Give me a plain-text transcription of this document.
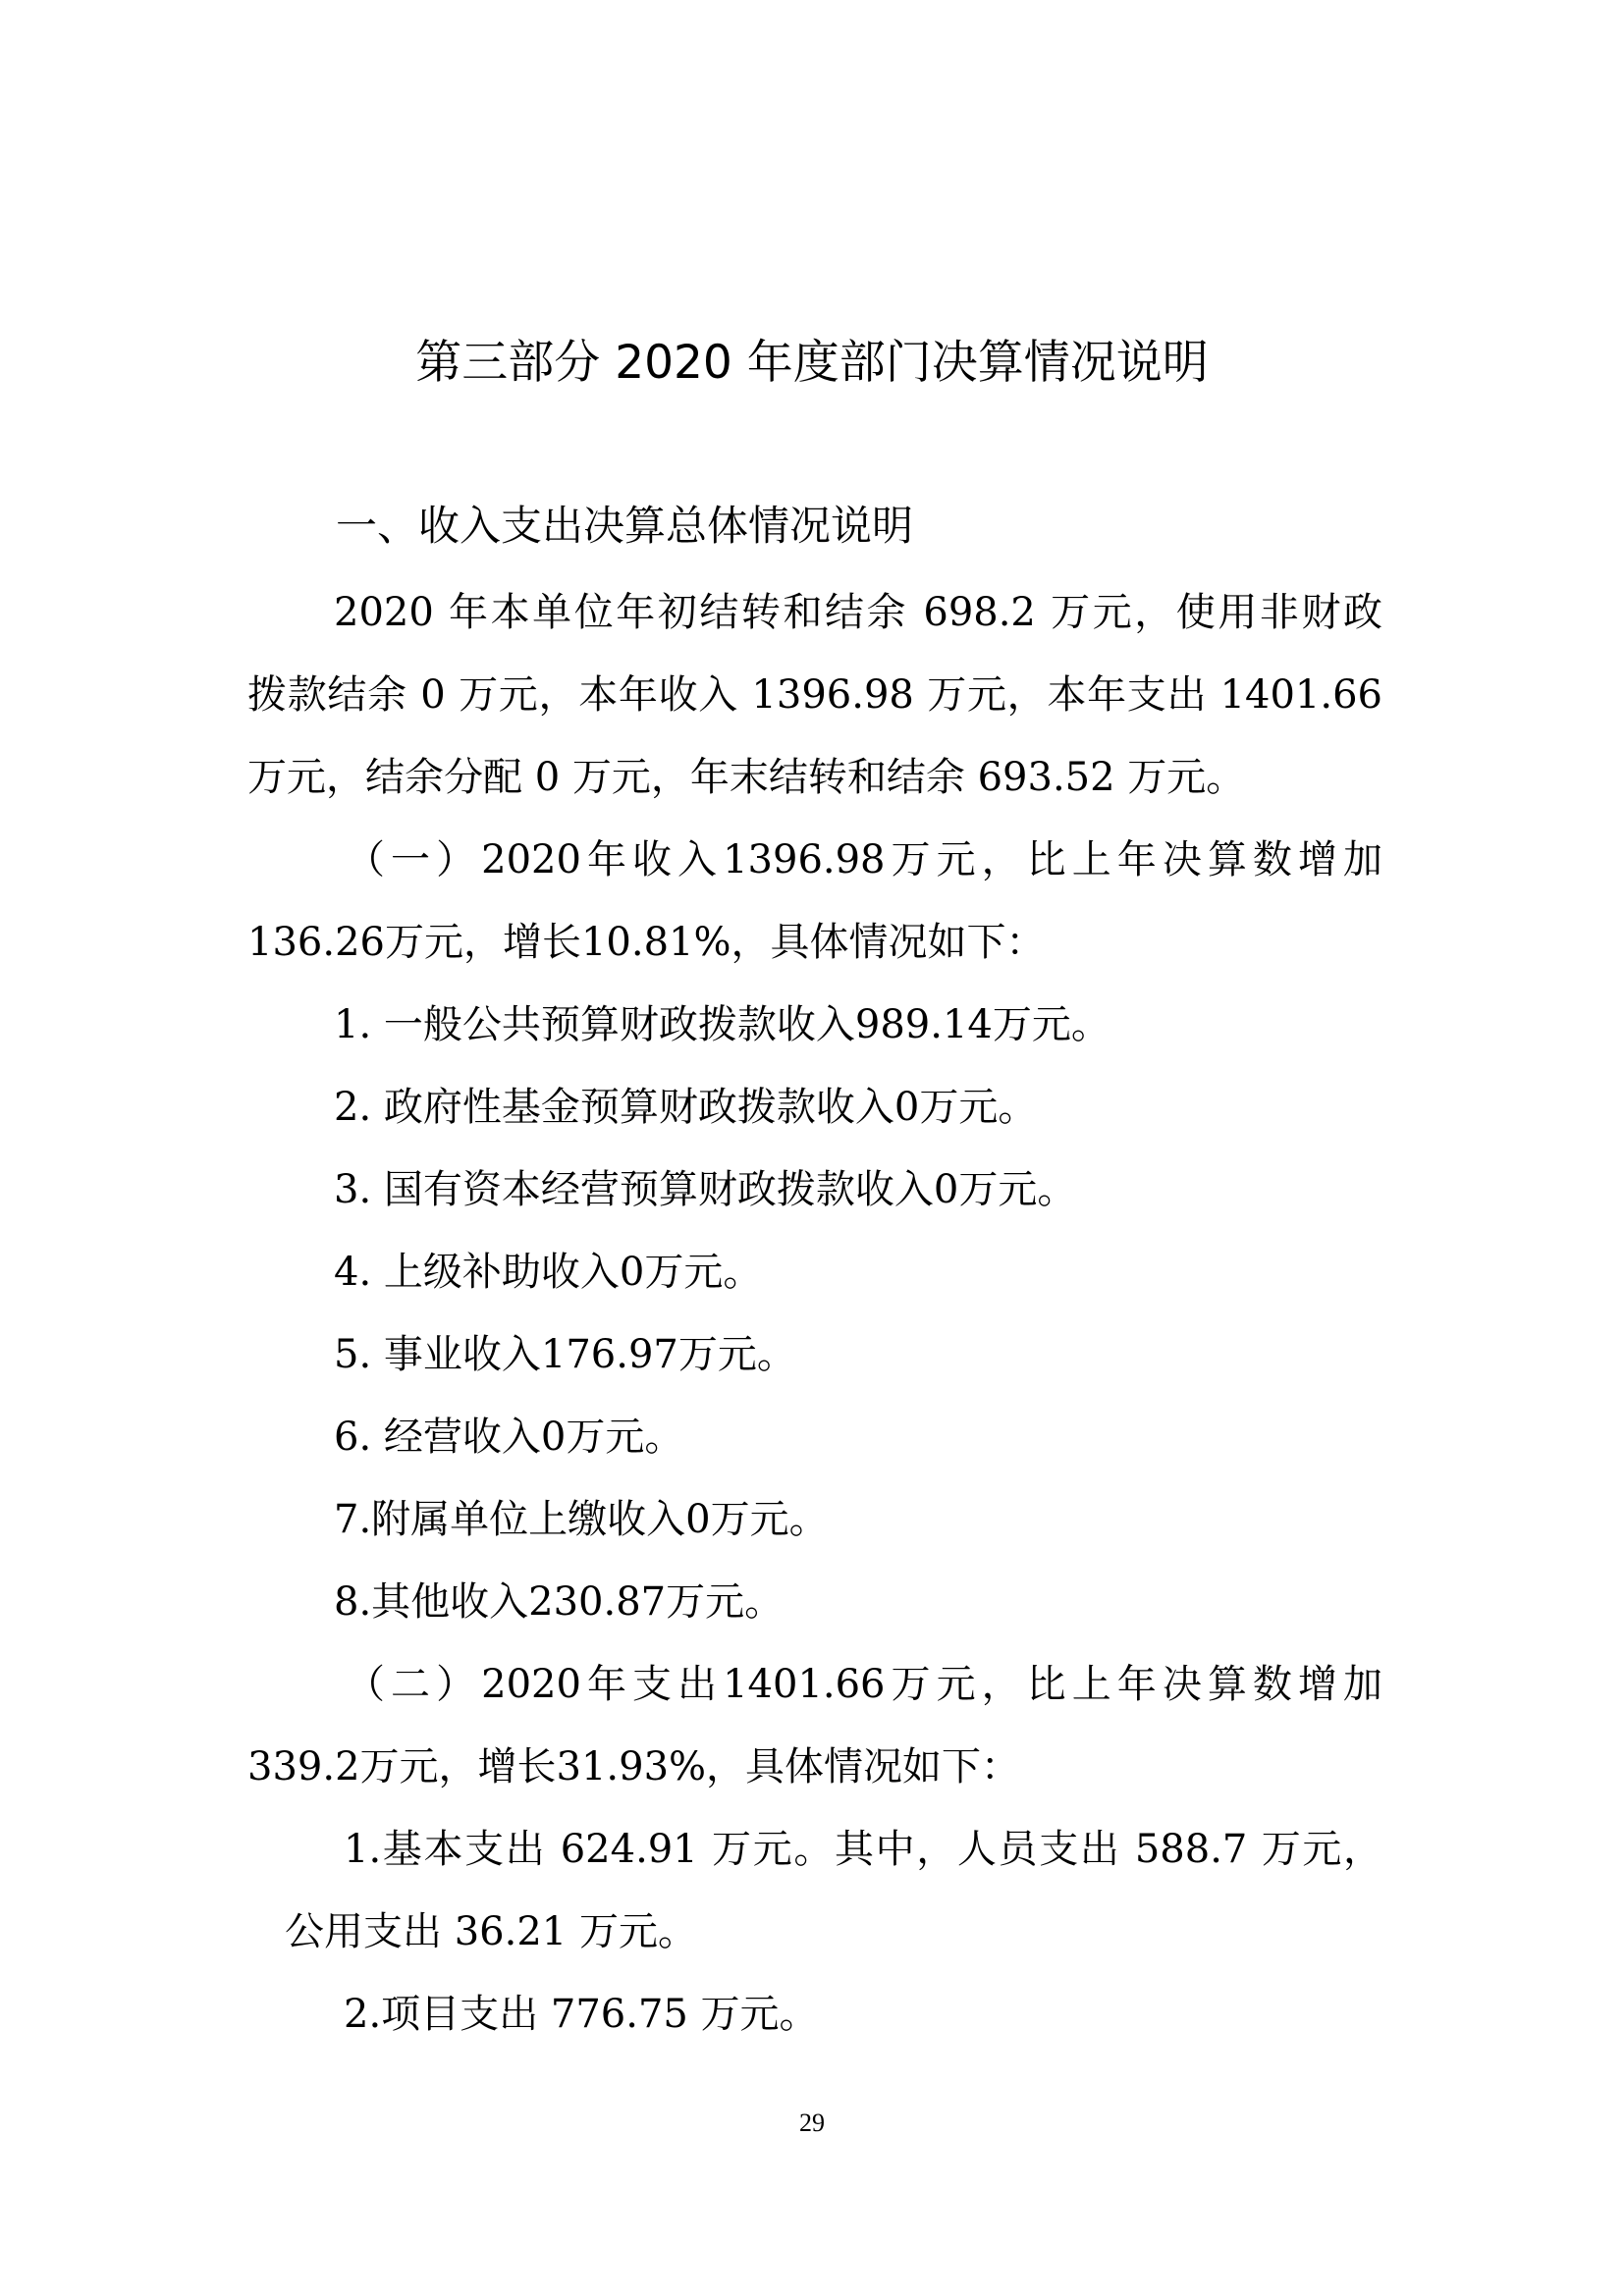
第三部分 2020 年度部门决算情况说明
一、收入支出决算总体情况说明
2020 年本单位年初结转和结余 698.2 万元，使用非财政
拨款结余 0 万元，本年收入 1396.98 万元，本年支出 1401.66
万元，结余分配 0 万元，年末结转和结余 693.52 万元。
（一）2020年收入1396.98万元，比上年决算数增加
136.26万元，增长10.81%，具体情况如下：
1. 一般公共预算财政拨款收入989.14万元。
2. 政府性基金预算财政拨款收入0万元。
3. 国有资本经营预算财政拨款收入0万元。
4. 上级补助收入0万元。
5. 事业收入176.97万元。
6. 经营收入0万元。
7.附属单位上缴收入0万元。
8.其他收入230.87万元。
（二）2020年支出1401.66万元，比上年决算数增加
339.2万元，增长31.93%，具体情况如下：
1.基本支出 624.91 万元。其中，人员支出 588.7 万元，
公用支出 36.21 万元。
2.项目支出 776.75 万元。
29
